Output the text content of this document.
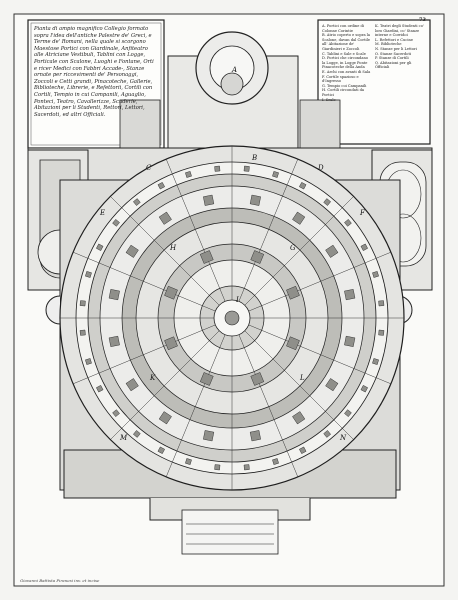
A
B
C	D
E	F
G
H
I
K	L
M	N
Pianta di ampio magnifico Collegio formato sopra l'idea dell'antiche Palestre de' Greci, e Terme de' Romani, nella quale si scorgono Maestose Portici con Giardinale, Anfiteatro alle Atriciane Vestibuli, Tablini con Logge, Porticale con Scalone, Luoghi e Fontane, Orti e ricer Medici con Fabbri Accade-, Stanze ornate per riccevimenti de' Personaggi, Zoccoli e Cetti grandi, Pinacoteche, Gallerie, Biblioteche, Librerie, e Refettorii, Cortili con Cortili, Tempio in cui Campanili, Aguaglio, Ponteci, Teatro, Cavallerizze, Scuderie, Abitazioni per li Studenti, Rettori, Lettori, Sacerdoti, ed altri Officiali.
73

A. Portici con ordine di Colonne Corintie

B. Atrio coperto e sopra la Scalone, davan dal Cortile all' Abitazione de' Giardinieri e Zoccoli

C. Tablini e Sale e Scale

D. Portici che circondano la Logge, in Logge Ponte Pinacoteche della Anda

E. Archi con avanti di Sala

F. Cortile spazioso e d'Ingresso

G. Tempio coi Campanili

H. Cortili circondati da Portici

I. Scale

K. Teatri degli Studenti co' loro Giardini, co' Stanze interne e Corridoi

L. Refettori e Cucine

M. Biblioteche

N. Stanze per li Lettori

O. Stanze Sacerdoti

P. Stanze di Cortili

Q. Abitazioni per gli Officiali

Giovanni Battista Piranesi inv. et incise
